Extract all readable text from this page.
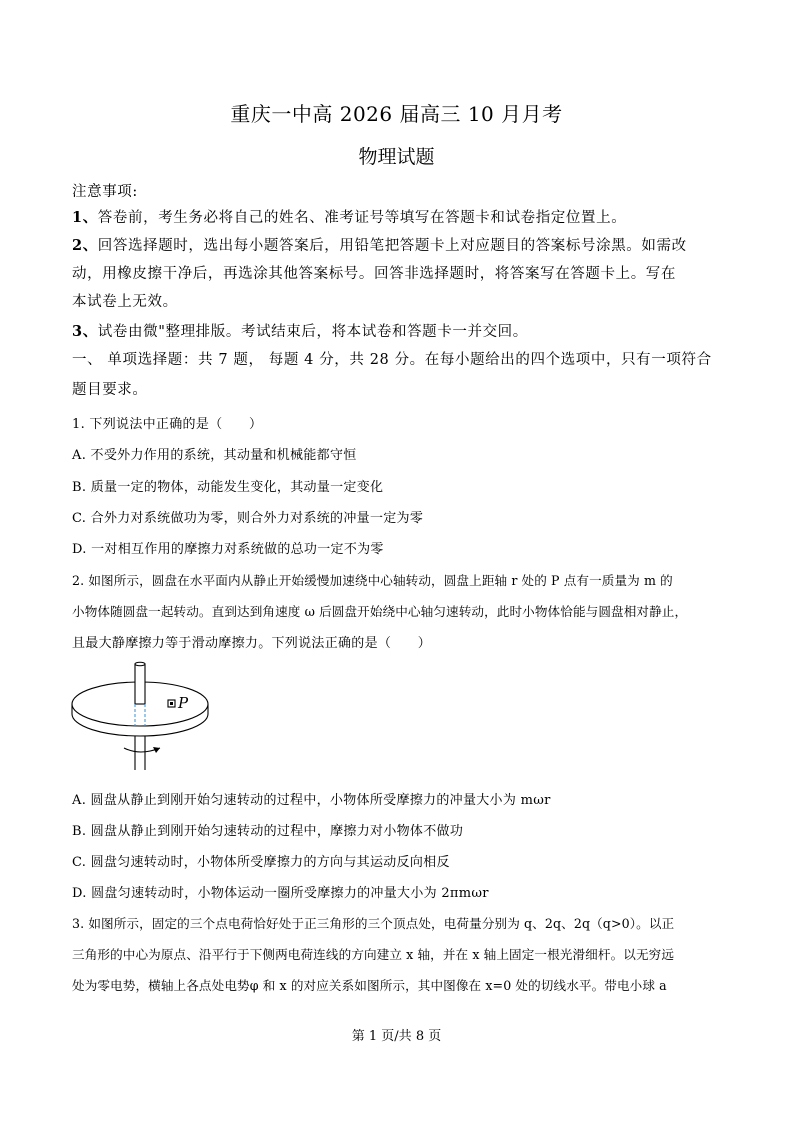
重庆一中高 2026 届高三 10 月月考
物理试题
注意事项:
1、答卷前，考生务必将自己的姓名、准考证号等填写在答题卡和试卷指定位置上。
2、回答选择题时，选出每小题答案后，用铅笔把答题卡上对应题目的答案标号涂黑。如需改
动，用橡皮擦干净后，再选涂其他答案标号。回答非选择题时，将答案写在答题卡上。写在
本试卷上无效。
3、试卷由微"整理排版。考试结束后，将本试卷和答题卡一并交回。
一、 单项选择题：共 7 题， 每题 4 分，共 28 分。在每小题给出的四个选项中，只有一项符合
题目要求。
1. 下列说法中正确的是（　　）
A. 不受外力作用的系统，其动量和机械能都守恒
B. 质量一定的物体，动能发生变化，其动量一定变化
C. 合外力对系统做功为零，则合外力对系统的冲量一定为零
D. 一对相互作用的摩擦力对系统做的总功一定不为零
2. 如图所示，圆盘在水平面内从静止开始缓慢加速绕中心轴转动，圆盘上距轴 r 处的 P 点有一质量为 m 的
小物体随圆盘一起转动。直到达到角速度 ω 后圆盘开始绕中心轴匀速转动，此时小物体恰能与圆盘相对静止，
且最大静摩擦力等于滑动摩擦力。下列说法正确的是（　　）
P
A. 圆盘从静止到刚开始匀速转动的过程中，小物体所受摩擦力的冲量大小为 mωr
B. 圆盘从静止到刚开始匀速转动的过程中，摩擦力对小物体不做功
C. 圆盘匀速转动时，小物体所受摩擦力的方向与其运动反向相反
D. 圆盘匀速转动时，小物体运动一圈所受摩擦力的冲量大小为 2πmωr
3. 如图所示，固定的三个点电荷恰好处于正三角形的三个顶点处，电荷量分别为 q、2q、2q（q>0）。以正
三角形的中心为原点、沿平行于下侧两电荷连线的方向建立 x 轴，并在 x 轴上固定一根光滑细杆。以无穷远
处为零电势，横轴上各点处电势φ 和 x 的对应关系如图所示，其中图像在 x=0 处的切线水平。带电小球 a
第 1 页/共 8 页
